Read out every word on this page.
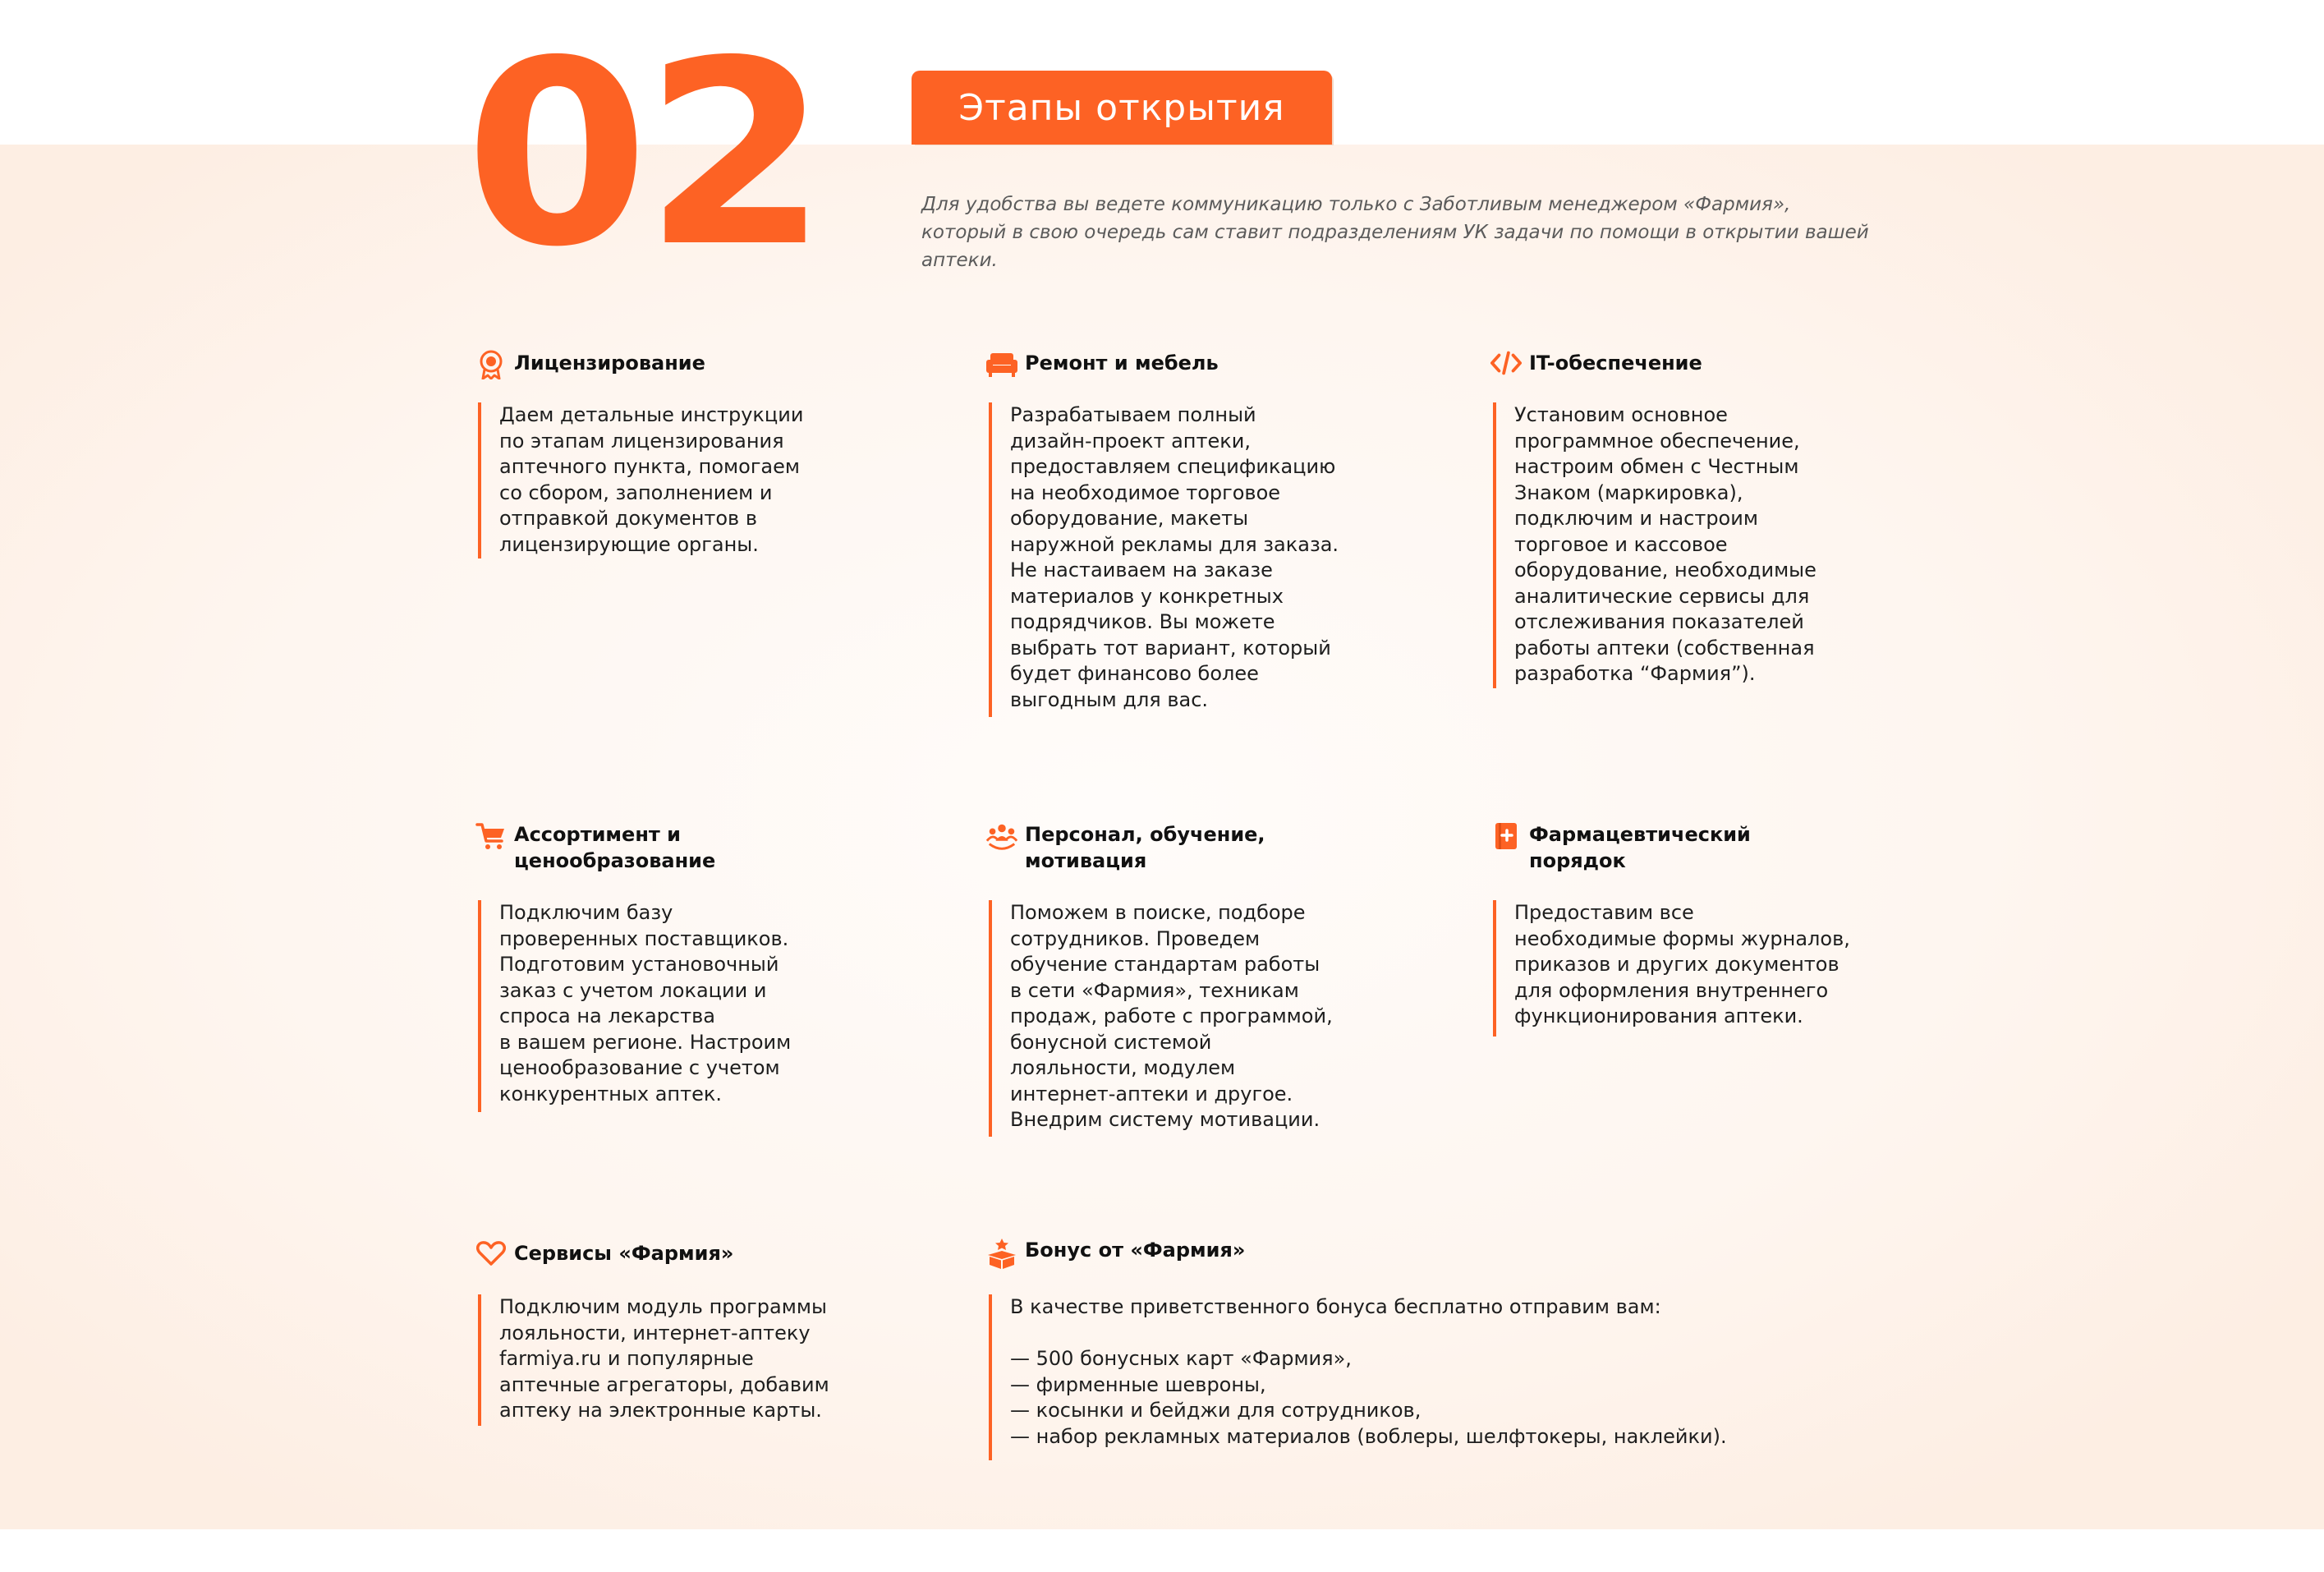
02	Этапы открытия
Для удобства вы ведете коммуникацию только с Заботливым менеджером «Фармия», который в свою очередь сам ставит подразделениям УК задачи по помощи в открытии вашей аптеки.
Лицензирование
Даем детальные инструкции
по этапам лицензирования
аптечного пункта, помогаем
со сбором, заполнением и
отправкой документов в
лицензирующие органы.
Ремонт и мебель
Разрабатываем полный
дизайн-проект аптеки,
предоставляем спецификацию
на необходимое торговое
оборудование, макеты
наружной рекламы для заказа.
Не настаиваем на заказе
материалов у конкретных
подрядчиков. Вы можете
выбрать тот вариант, который
будет финансово более
выгодным для вас.
IT-обеспечение
Установим основное
программное обеспечение,
настроим обмен с Честным
Знаком (маркировка),
подключим и настроим
торговое и кассовое
оборудование, необходимые
аналитические сервисы для
отслеживания показателей
работы аптеки (собственная
разработка “Фармия”).
Ассортимент и
ценообразование
Подключим базу
проверенных поставщиков.
Подготовим установочный
заказ с учетом локации и
спроса на лекарства
в вашем регионе. Настроим
ценообразование с учетом
конкурентных аптек.
Персонал, обучение,
мотивация
Поможем в поиске, подборе
сотрудников. Проведем
обучение стандартам работы
в сети «Фармия», техникам
продаж, работе с программой,
бонусной системой
лояльности, модулем
интернет-аптеки и другое.
Внедрим систему мотивации.
Фармацевтический
порядок
Предоставим все
необходимые формы журналов,
приказов и других документов
для оформления внутреннего
функционирования аптеки.
Сервисы «Фармия»
Подключим модуль программы
лояльности, интернет-аптеку
farmiya.ru и популярные
аптечные агрегаторы, добавим
аптеку на электронные карты.
Бонус от «Фармия»
В качестве приветственного бонуса бесплатно отправим вам:

— 500 бонусных карт «Фармия»,
— фирменные шевроны,
— косынки и бейджи для сотрудников,
— набор рекламных материалов (воблеры, шелфтокеры, наклейки).
